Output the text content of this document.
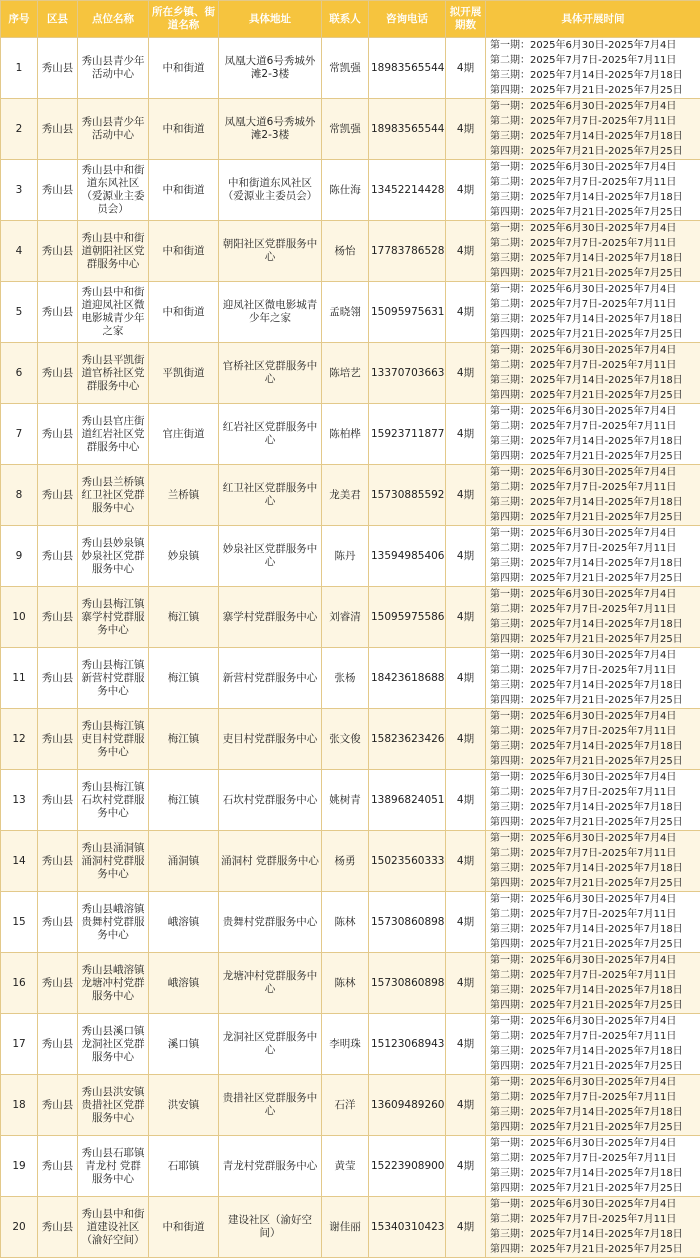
序号	区县	点位名称	所在乡镇、街道名称	具体地址	联系人	咨询电话	拟开展期数	具体开展时间
1	秀山县	秀山县青少年活动中心	中和街道	凤凰大道6号秀城外滩2-3楼	常凯强	18983565544	4期	第一期：2025年6月30日-2025年7月4日
第二期：2025年7月7日-2025年7月11日
第三期：2025年7月14日-2025年7月18日
第四期：2025年7月21日-2025年7月25日

2	秀山县	秀山县青少年活动中心	中和街道	凤凰大道6号秀城外滩2-3楼	常凯强	18983565544	4期	第一期：2025年6月30日-2025年7月4日
第二期：2025年7月7日-2025年7月11日
第三期：2025年7月14日-2025年7月18日
第四期：2025年7月21日-2025年7月25日

3	秀山县	秀山县中和街道东风社区（爱源业主委员会）	中和街道	中和街道东风社区（爱源业主委员会）	陈仕海	13452214428	4期	第一期：2025年6月30日-2025年7月4日
第二期：2025年7月7日-2025年7月11日
第三期：2025年7月14日-2025年7月18日
第四期：2025年7月21日-2025年7月25日

4	秀山县	秀山县中和街道朝阳社区党群服务中心	中和街道	朝阳社区党群服务中心	杨怡	17783786528	4期	第一期：2025年6月30日-2025年7月4日
第二期：2025年7月7日-2025年7月11日
第三期：2025年7月14日-2025年7月18日
第四期：2025年7月21日-2025年7月25日

5	秀山县	秀山县中和街道迎凤社区微电影城青少年之家	中和街道	迎凤社区微电影城青少年之家	孟晓翎	15095975631	4期	第一期：2025年6月30日-2025年7月4日
第二期：2025年7月7日-2025年7月11日
第三期：2025年7月14日-2025年7月18日
第四期：2025年7月21日-2025年7月25日

6	秀山县	秀山县平凯街道官桥社区党群服务中心	平凯街道	官桥社区党群服务中心	陈培艺	13370703663	4期	第一期：2025年6月30日-2025年7月4日
第二期：2025年7月7日-2025年7月11日
第三期：2025年7月14日-2025年7月18日
第四期：2025年7月21日-2025年7月25日

7	秀山县	秀山县官庄街道红岩社区党群服务中心	官庄街道	红岩社区党群服务中心	陈柏桦	15923711877	4期	第一期：2025年6月30日-2025年7月4日
第二期：2025年7月7日-2025年7月11日
第三期：2025年7月14日-2025年7月18日
第四期：2025年7月21日-2025年7月25日

8	秀山县	秀山县兰桥镇红卫社区党群服务中心	兰桥镇	红卫社区党群服务中心	龙美君	15730885592	4期	第一期：2025年6月30日-2025年7月4日
第二期：2025年7月7日-2025年7月11日
第三期：2025年7月14日-2025年7月18日
第四期：2025年7月21日-2025年7月25日

9	秀山县	秀山县妙泉镇妙泉社区党群服务中心	妙泉镇	妙泉社区党群服务中心	陈丹	13594985406	4期	第一期：2025年6月30日-2025年7月4日
第二期：2025年7月7日-2025年7月11日
第三期：2025年7月14日-2025年7月18日
第四期：2025年7月21日-2025年7月25日

10	秀山县	秀山县梅江镇寨学村党群服务中心	梅江镇	寨学村党群服务中心	刘睿清	15095975586	4期	第一期：2025年6月30日-2025年7月4日
第二期：2025年7月7日-2025年7月11日
第三期：2025年7月14日-2025年7月18日
第四期：2025年7月21日-2025年7月25日

11	秀山县	秀山县梅江镇新营村党群服务中心	梅江镇	新营村党群服务中心	张杨	18423618688	4期	第一期：2025年6月30日-2025年7月4日
第二期：2025年7月7日-2025年7月11日
第三期：2025年7月14日-2025年7月18日
第四期：2025年7月21日-2025年7月25日

12	秀山县	秀山县梅江镇吏目村党群服务中心	梅江镇	吏目村党群服务中心	张文俊	15823623426	4期	第一期：2025年6月30日-2025年7月4日
第二期：2025年7月7日-2025年7月11日
第三期：2025年7月14日-2025年7月18日
第四期：2025年7月21日-2025年7月25日

13	秀山县	秀山县梅江镇石坎村党群服务中心	梅江镇	石坎村党群服务中心	姚树青	13896824051	4期	第一期：2025年6月30日-2025年7月4日
第二期：2025年7月7日-2025年7月11日
第三期：2025年7月14日-2025年7月18日
第四期：2025年7月21日-2025年7月25日

14	秀山县	秀山县涌洞镇涌洞村党群服务中心	涌洞镇	涌洞村 党群服务中心	杨勇	15023560333	4期	第一期：2025年6月30日-2025年7月4日
第二期：2025年7月7日-2025年7月11日
第三期：2025年7月14日-2025年7月18日
第四期：2025年7月21日-2025年7月25日

15	秀山县	秀山县峨溶镇贵舞村党群服务中心	峨溶镇	贵舞村党群服务中心	陈林	15730860898	4期	第一期：2025年6月30日-2025年7月4日
第二期：2025年7月7日-2025年7月11日
第三期：2025年7月14日-2025年7月18日
第四期：2025年7月21日-2025年7月25日

16	秀山县	秀山县峨溶镇龙塘冲村党群服务中心	峨溶镇	龙塘冲村党群服务中心	陈林	15730860898	4期	第一期：2025年6月30日-2025年7月4日
第二期：2025年7月7日-2025年7月11日
第三期：2025年7月14日-2025年7月18日
第四期：2025年7月21日-2025年7月25日

17	秀山县	秀山县溪口镇龙洞社区党群服务中心	溪口镇	龙洞社区党群服务中心	李明珠	15123068943	4期	第一期：2025年6月30日-2025年7月4日
第二期：2025年7月7日-2025年7月11日
第三期：2025年7月14日-2025年7月18日
第四期：2025年7月21日-2025年7月25日

18	秀山县	秀山县洪安镇贵措社区党群服务中心	洪安镇	贵措社区党群服务中心	石洋	13609489260	4期	第一期：2025年6月30日-2025年7月4日
第二期：2025年7月7日-2025年7月11日
第三期：2025年7月14日-2025年7月18日
第四期：2025年7月21日-2025年7月25日

19	秀山县	秀山县石耶镇青龙村 党群服务中心	石耶镇	青龙村党群服务中心	黄莹	15223908900	4期	第一期：2025年6月30日-2025年7月4日
第二期：2025年7月7日-2025年7月11日
第三期：2025年7月14日-2025年7月18日
第四期：2025年7月21日-2025年7月25日

20	秀山县	秀山县中和街道建设社区（渝好空间）	中和街道	建设社区（渝好空间）	谢佳丽	15340310423	4期	第一期：2025年6月30日-2025年7月4日
第二期：2025年7月7日-2025年7月11日
第三期：2025年7月14日-2025年7月18日
第四期：2025年7月21日-2025年7月25日
